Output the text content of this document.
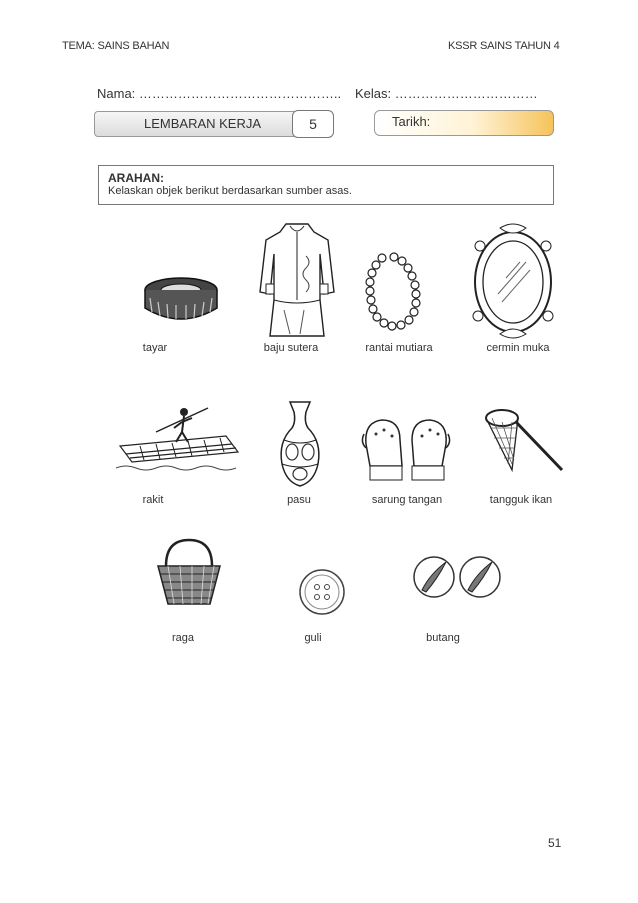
TEMA: SAINS BAHAN	KSSR SAINS TAHUN 4
Nama: ……………………………………….. Kelas: ……………………………
LEMBARAN KERJA	5	Tarikh:
ARAHAN:
Kelaskan objek berikut berdasarkan sumber asas.
tayar	baju sutera	rantai mutiara	cermin muka
rakit	pasu	sarung tangan	tangguk ikan
raga	guli	butang
51
